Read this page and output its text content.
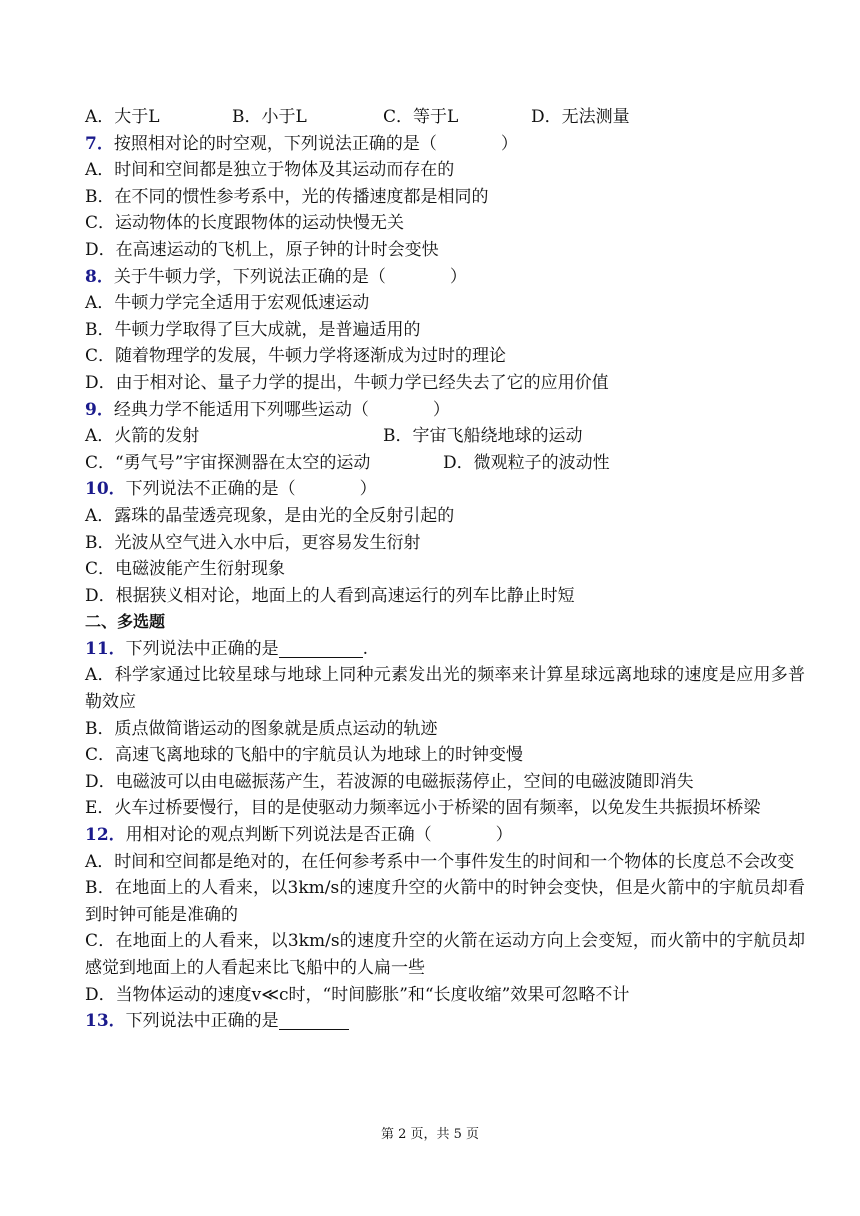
A．大于L	B．小于L	C．等于L	D．无法测量
7．按照相对论的时空观，下列说法正确的是（	）
A．时间和空间都是独立于物体及其运动而存在的
B．在不同的惯性参考系中，光的传播速度都是相同的
C．运动物体的长度跟物体的运动快慢无关
D．在高速运动的飞机上，原子钟的计时会变快
8．关于牛顿力学，下列说法正确的是（	）
A．牛顿力学完全适用于宏观低速运动
B．牛顿力学取得了巨大成就，是普遍适用的
C．随着物理学的发展，牛顿力学将逐渐成为过时的理论
D．由于相对论、量子力学的提出，牛顿力学已经失去了它的应用价值
9．经典力学不能适用下列哪些运动（	）
A．火箭的发射	B．宇宙飞船绕地球的运动
C．“勇气号”宇宙探测器在太空的运动	D．微观粒子的波动性
10．下列说法不正确的是（	）
A．露珠的晶莹透亮现象，是由光的全反射引起的
B．光波从空气进入水中后，更容易发生衍射
C．电磁波能产生衍射现象
D．根据狭义相对论，地面上的人看到高速运行的列车比静止时短
二、多选题
11．下列说法中正确的是	.
A．科学家通过比较星球与地球上同种元素发出光的频率来计算星球远离地球的速度是应用多普勒效应
B．质点做简谐运动的图象就是质点运动的轨迹
C．高速飞离地球的飞船中的宇航员认为地球上的时钟变慢
D．电磁波可以由电磁振荡产生，若波源的电磁振荡停止，空间的电磁波随即消失
E．火车过桥要慢行，目的是使驱动力频率远小于桥梁的固有频率，以免发生共振损坏桥梁
12．用相对论的观点判断下列说法是否正确（	）
A．时间和空间都是绝对的，在任何参考系中一个事件发生的时间和一个物体的长度总不会改变
B．在地面上的人看来，以3km/s的速度升空的火箭中的时钟会变快，但是火箭中的宇航员却看到时钟可能是准确的
C．在地面上的人看来，以3km/s的速度升空的火箭在运动方向上会变短，而火箭中的宇航员却感觉到地面上的人看起来比飞船中的人扁一些
D．当物体运动的速度v≪c时，“时间膨胀”和“长度收缩”效果可忽略不计
13．下列说法中正确的是
第 2 页，共 5 页
